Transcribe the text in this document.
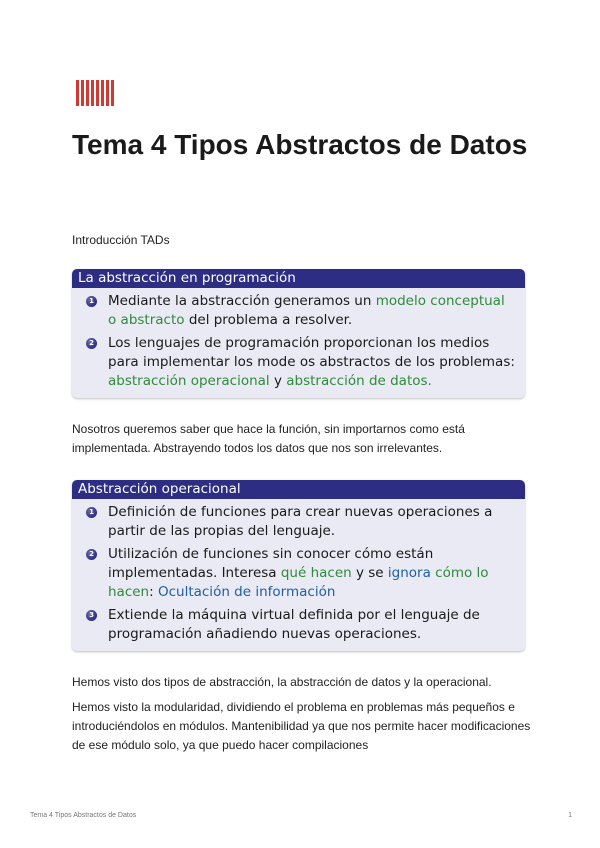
Tema 4 Tipos Abstractos de Datos
Introducción TADs
La abstracción en programación
1 Mediante la abstracción generamos un modelo conceptual o abstracto del problema a resolver.
2 Los lenguajes de programación proporcionan los medios para implementar los mode os abstractos de los problemas: abstracción operacional y abstracción de datos.

Nosotros queremos saber que hace la función, sin importarnos como está implementada. Abstrayendo todos los datos que nos son irrelevantes.

Abstracción operacional
1 Definición de funciones para crear nuevas operaciones a partir de las propias del lenguaje.
2 Utilización de funciones sin conocer cómo están implementadas. Interesa qué hacen y se ignora cómo lo hacen: Ocultación de información
3 Extiende la máquina virtual definida por el lenguaje de programación añadiendo nuevas operaciones.

Hemos visto dos tipos de abstracción, la abstracción de datos y la operacional.

Hemos visto la modularidad, dividiendo el problema en problemas más pequeños e introduciéndolos en módulos. Mantenibilidad ya que nos permite hacer modificaciones de ese módulo solo, ya que puedo hacer compilaciones

Tema 4 Tipos Abstractos de Datos	1
